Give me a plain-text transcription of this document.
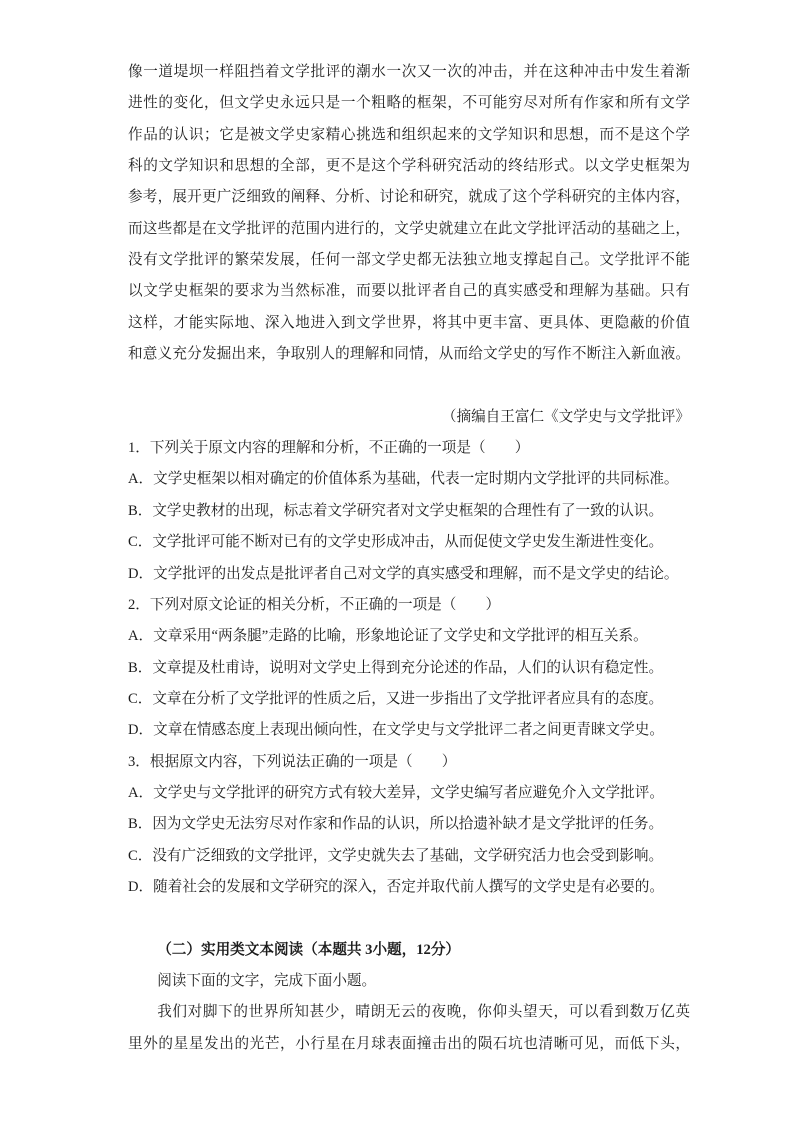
像一道堤坝一样阻挡着文学批评的潮水一次又一次的冲击，并在这种冲击中发生着渐
进性的变化，但文学史永远只是一个粗略的框架，不可能穷尽对所有作家和所有文学
作品的认识；它是被文学史家精心挑选和组织起来的文学知识和思想，而不是这个学
科的文学知识和思想的全部，更不是这个学科研究活动的终结形式。以文学史框架为
参考，展开更广泛细致的阐释、分析、讨论和研究，就成了这个学科研究的主体内容，
而这些都是在文学批评的范围内进行的，文学史就建立在此文学批评活动的基础之上，
没有文学批评的繁荣发展，任何一部文学史都无法独立地支撑起自己。文学批评不能
以文学史框架的要求为当然标准，而要以批评者自己的真实感受和理解为基础。只有
这样，才能实际地、深入地进入到文学世界，将其中更丰富、更具体、更隐蔽的价值
和意义充分发掘出来，争取别人的理解和同情，从而给文学史的写作不断注入新血液。
（摘编自王富仁《文学史与文学批评》
1．下列关于原文内容的理解和分析，不正确的一项是（　　）
A．文学史框架以相对确定的价值体系为基础，代表一定时期内文学批评的共同标准。
B．文学史教材的出现，标志着文学研究者对文学史框架的合理性有了一致的认识。
C．文学批评可能不断对已有的文学史形成冲击，从而促使文学史发生渐进性变化。
D．文学批评的出发点是批评者自己对文学的真实感受和理解，而不是文学史的结论。
2．下列对原文论证的相关分析，不正确的一项是（　　）
A．文章采用“两条腿”走路的比喻，形象地论证了文学史和文学批评的相互关系。
B．文章提及杜甫诗，说明对文学史上得到充分论述的作品，人们的认识有稳定性。
C．文章在分析了文学批评的性质之后，又进一步指出了文学批评者应具有的态度。
D．文章在情感态度上表现出倾向性，在文学史与文学批评二者之间更青睐文学史。
3．根据原文内容，下列说法正确的一项是（　　）
A．文学史与文学批评的研究方式有较大差异，文学史编写者应避免介入文学批评。
B．因为文学史无法穷尽对作家和作品的认识，所以拾遗补缺才是文学批评的任务。
C．没有广泛细致的文学批评，文学史就失去了基础，文学研究活力也会受到影响。
D．随着社会的发展和文学研究的深入，否定并取代前人撰写的文学史是有必要的。
（二）实用类文本阅读（本题共 3小题，12分）
阅读下面的文字，完成下面小题。
我们对脚下的世界所知甚少，晴朗无云的夜晚，你仰头望天，可以看到数万亿英
里外的星星发出的光芒，小行星在月球表面撞击出的陨石坑也清晰可见，而低下头，
